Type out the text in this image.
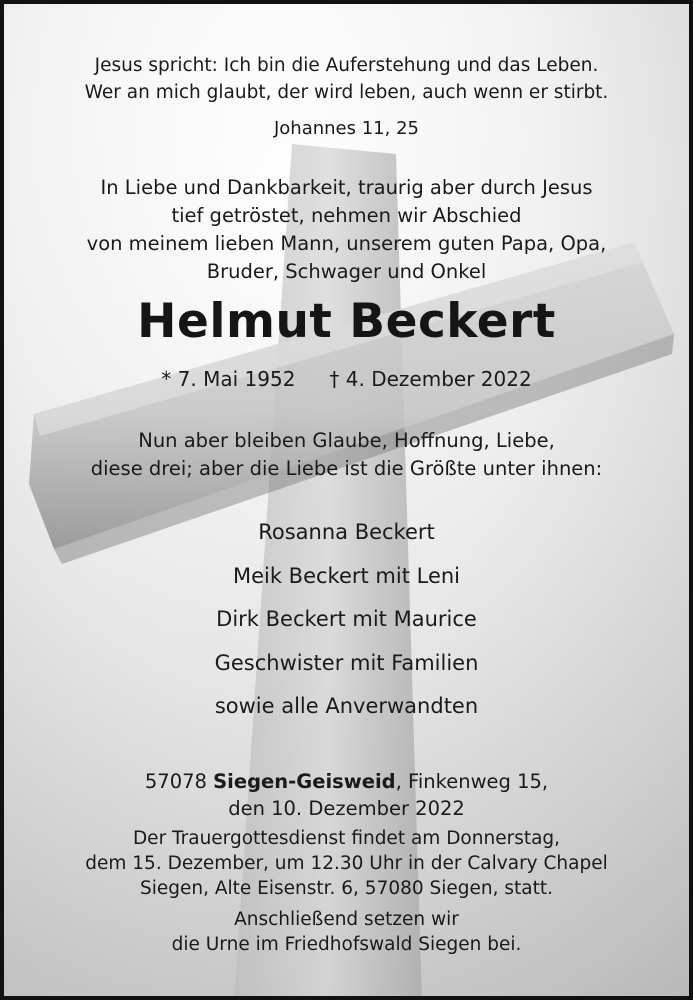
Jesus spricht: Ich bin die Auferstehung und das Leben.
Wer an mich glaubt, der wird leben, auch wenn er stirbt.
Johannes 11, 25
In Liebe und Dankbarkeit, traurig aber durch Jesus
tief getröstet, nehmen wir Abschied
von meinem lieben Mann, unserem guten Papa, Opa,
Bruder, Schwager und Onkel
Helmut Beckert
* 7. Mai 1952 † 4. Dezember 2022
Nun aber bleiben Glaube, Hoffnung, Liebe,
diese drei; aber die Liebe ist die Größte unter ihnen:
Rosanna Beckert
Meik Beckert mit Leni
Dirk Beckert mit Maurice
Geschwister mit Familien
sowie alle Anverwandten
57078 Siegen-Geisweid, Finkenweg 15,
den 10. Dezember 2022
Der Trauergottesdienst findet am Donnerstag,
dem 15. Dezember, um 12.30 Uhr in der Calvary Chapel
Siegen, Alte Eisenstr. 6, 57080 Siegen, statt.
Anschließend setzen wir
die Urne im Friedhofswald Siegen bei.
